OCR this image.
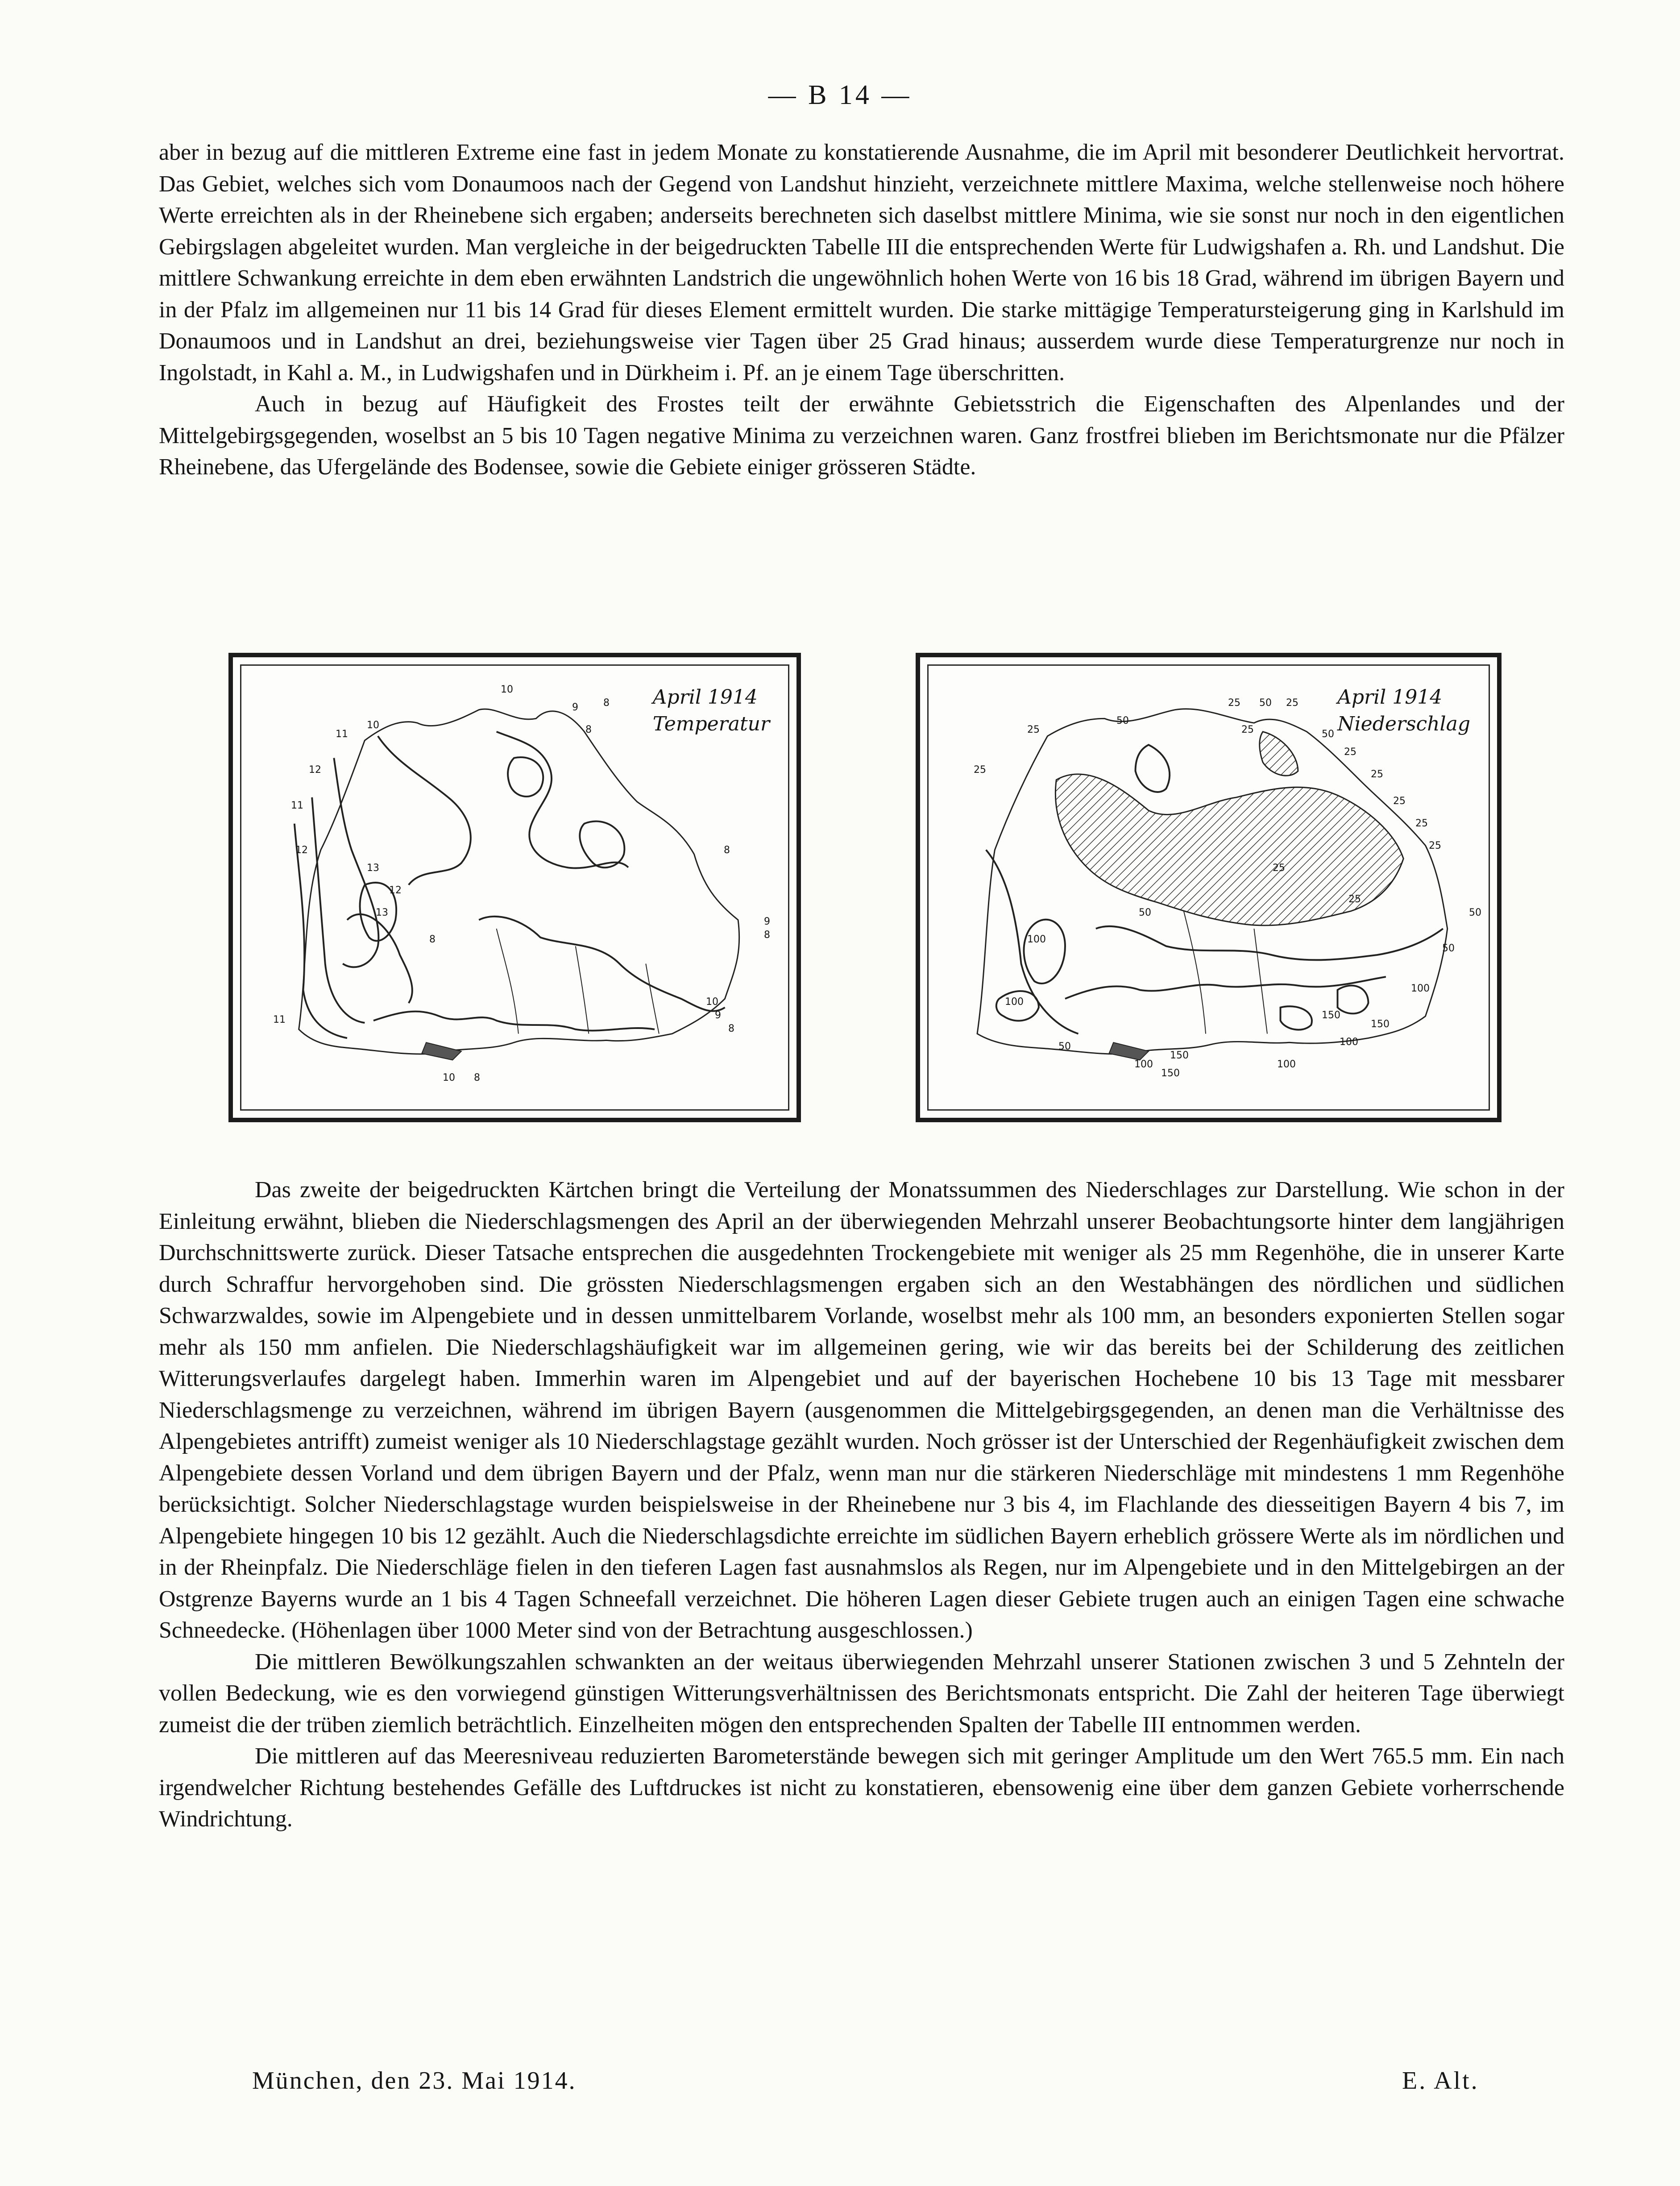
— B 14 —

aber in bezug auf die mittleren Extreme eine fast in jedem Monate zu konstatierende Ausnahme, die im April mit besonderer Deutlichkeit hervortrat. Das Gebiet, welches sich vom Donaumoos nach der Gegend von Landshut hinzieht, verzeichnete mittlere Maxima, welche stellenweise noch höhere Werte erreichten als in der Rheinebene sich ergaben; anderseits berechneten sich daselbst mittlere Minima, wie sie sonst nur noch in den eigentlichen Gebirgslagen abgeleitet wurden. Man vergleiche in der beigedruckten Tabelle III die entsprechenden Werte für Ludwigshafen a. Rh. und Landshut. Die mittlere Schwankung erreichte in dem eben erwähnten Landstrich die ungewöhnlich hohen Werte von 16 bis 18 Grad, während im übrigen Bayern und in der Pfalz im allgemeinen nur 11 bis 14 Grad für dieses Element ermittelt wurden. Die starke mittägige Temperatursteigerung ging in Karlshuld im Donaumoos und in Landshut an drei, beziehungsweise vier Tagen über 25 Grad hinaus; ausserdem wurde diese Temperaturgrenze nur noch in Ingolstadt, in Kahl a. M., in Ludwigshafen und in Dürkheim i. Pf. an je einem Tage überschritten.

Auch in bezug auf Häufigkeit des Frostes teilt der erwähnte Gebietsstrich die Eigenschaften des Alpenlandes und der Mittelgebirgsgegenden, woselbst an 5 bis 10 Tagen negative Minima zu verzeichnen waren. Ganz frostfrei blieben im Berichtsmonate nur die Pfälzer Rheinebene, das Ufergelände des Bodensee, sowie die Gebiete einiger grösseren Städte.

April 1914
Temperatur
10
11
12
9	8
10	8
11
12
13
12
13
8
8
9
8
11
10
9
8
10 8
April 1914
Niederschlag
25
50
25
25
50 25
25	50
25
25
25
25
25
25
25
50
50
100
50
50
100
100
150
100
150
100	100
150
150

Das zweite der beigedruckten Kärtchen bringt die Verteilung der Monatssummen des Niederschlages zur Darstellung. Wie schon in der Einleitung erwähnt, blieben die Niederschlagsmengen des April an der überwiegenden Mehrzahl unserer Beobachtungsorte hinter dem langjährigen Durchschnittswerte zurück. Dieser Tatsache entsprechen die ausgedehnten Trockengebiete mit weniger als 25 mm Regenhöhe, die in unserer Karte durch Schraffur hervorgehoben sind. Die grössten Niederschlagsmengen ergaben sich an den Westabhängen des nördlichen und südlichen Schwarzwaldes, sowie im Alpengebiete und in dessen unmittelbarem Vorlande, woselbst mehr als 100 mm, an besonders exponierten Stellen sogar mehr als 150 mm anfielen. Die Niederschlagshäufigkeit war im allgemeinen gering, wie wir das bereits bei der Schilderung des zeitlichen Witterungsverlaufes dargelegt haben. Immerhin waren im Alpengebiet und auf der bayerischen Hochebene 10 bis 13 Tage mit messbarer Niederschlagsmenge zu verzeichnen, während im übrigen Bayern (ausgenommen die Mittelgebirgsgegenden, an denen man die Verhältnisse des Alpengebietes antrifft) zumeist weniger als 10 Niederschlagstage gezählt wurden. Noch grösser ist der Unterschied der Regenhäufigkeit zwischen dem Alpengebiete dessen Vorland und dem übrigen Bayern und der Pfalz, wenn man nur die stärkeren Niederschläge mit mindestens 1 mm Regenhöhe berücksichtigt. Solcher Niederschlagstage wurden beispielsweise in der Rheinebene nur 3 bis 4, im Flachlande des diesseitigen Bayern 4 bis 7, im Alpengebiete hingegen 10 bis 12 gezählt. Auch die Niederschlagsdichte erreichte im südlichen Bayern erheblich grössere Werte als im nördlichen und in der Rheinpfalz. Die Niederschläge fielen in den tieferen Lagen fast ausnahmslos als Regen, nur im Alpengebiete und in den Mittelgebirgen an der Ostgrenze Bayerns wurde an 1 bis 4 Tagen Schneefall verzeichnet. Die höheren Lagen dieser Gebiete trugen auch an einigen Tagen eine schwache Schneedecke. (Höhenlagen über 1000 Meter sind von der Betrachtung ausgeschlossen.)

Die mittleren Bewölkungszahlen schwankten an der weitaus überwiegenden Mehrzahl unserer Stationen zwischen 3 und 5 Zehnteln der vollen Bedeckung, wie es den vorwiegend günstigen Witterungsverhältnissen des Berichtsmonats entspricht. Die Zahl der heiteren Tage überwiegt zumeist die der trüben ziemlich beträchtlich. Einzelheiten mögen den entsprechenden Spalten der Tabelle III entnommen werden.

Die mittleren auf das Meeresniveau reduzierten Barometerstände bewegen sich mit geringer Amplitude um den Wert 765.5 mm. Ein nach irgendwelcher Richtung bestehendes Gefälle des Luftdruckes ist nicht zu konstatieren, ebensowenig eine über dem ganzen Gebiete vorherrschende Windrichtung.

München, den 23. Mai 1914.	E. Alt.
